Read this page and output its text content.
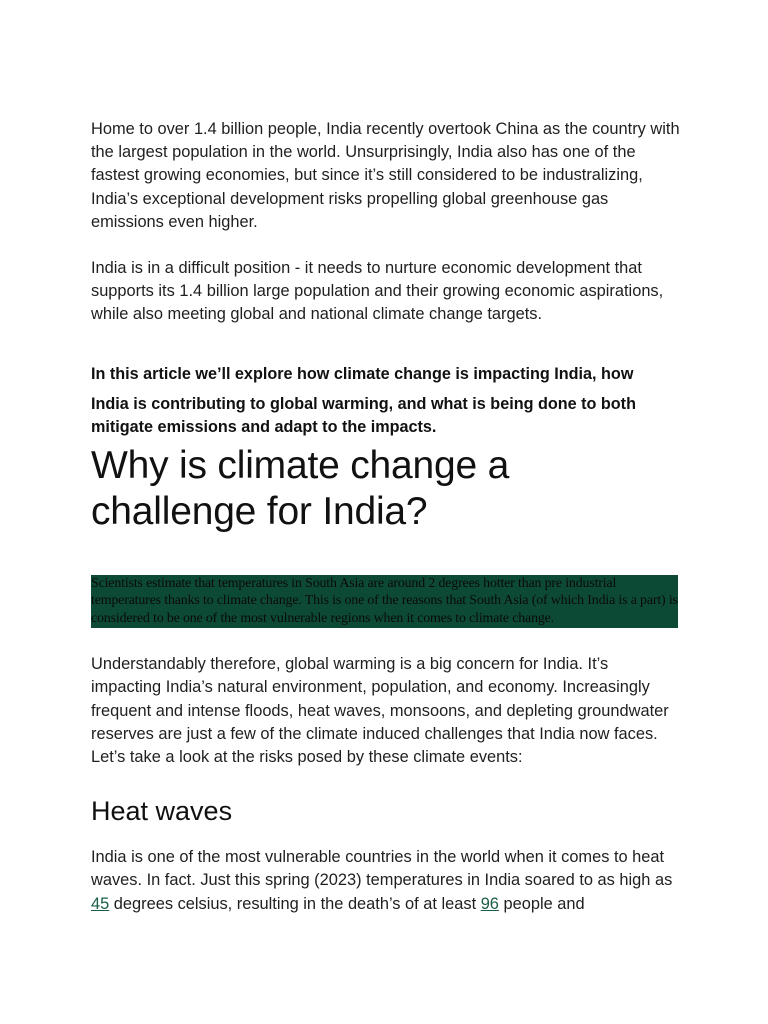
Home to over 1.4 billion people, India recently overtook China as the country with the largest population in the world. Unsurprisingly, India also has one of the fastest growing economies, but since it’s still considered to be industralizing, India’s exceptional development risks propelling global greenhouse gas emissions even higher.

India is in a difficult position - it needs to nurture economic development that supports its 1.4 billion large population and their growing economic aspirations, while also meeting global and national climate change targets.

In this article we’ll explore how climate change is impacting India, how
India is contributing to global warming, and what is being done to both mitigate emissions and adapt to the impacts.
Why is climate change a challenge for India?
Scientists estimate that temperatures in South Asia are around 2 degrees hotter than pre industrial temperatures thanks to climate change. This is one of the reasons that South Asia (of which India is a part) is considered to be one of the most vulnerable regions when it comes to climate change.

Understandably therefore, global warming is a big concern for India. It’s impacting India’s natural environment, population, and economy. Increasingly frequent and intense floods, heat waves, monsoons, and depleting groundwater reserves are just a few of the climate induced challenges that India now faces. Let’s take a look at the risks posed by these climate events:

Heat waves

India is one of the most vulnerable countries in the world when it comes to heat waves. In fact. Just this spring (2023) temperatures in India soared to as high as 45 degrees celsius, resulting in the death’s of at least 96 people and
